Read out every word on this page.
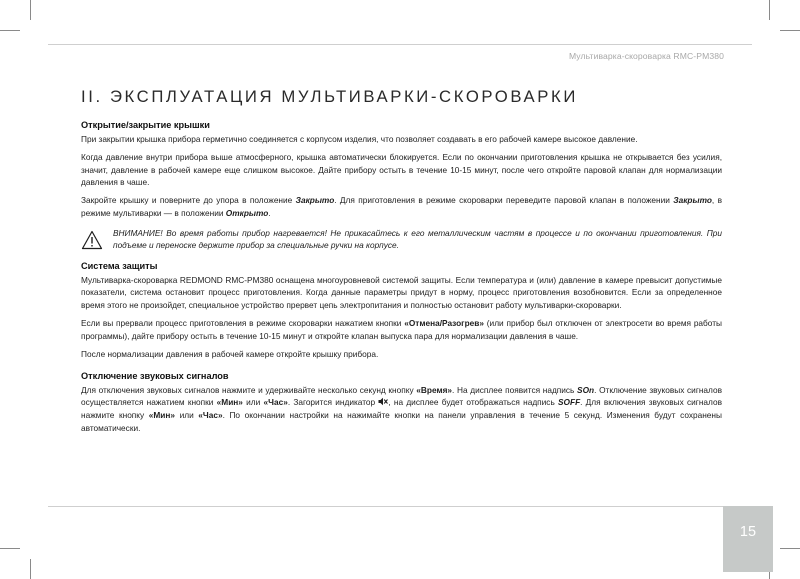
Мультиварка-скороварка RMC-PM380
15
II. ЭКСПЛУАТАЦИЯ МУЛЬТИВАРКИ-СКОРОВАРКИ
Открытие/закрытие крышки

При закрытии крышка прибора герметично соединяется с корпусом изделия, что позволяет создавать в его рабочей камере высокое давление.

Когда давление внутри прибора выше атмосферного, крышка автоматически блокируется. Если по окончании приготовления крышка не открывается без усилия, значит, давление в рабочей камере еще слишком высокое. Дайте прибору остыть в течение 10-15 минут, после чего откройте паровой клапан для нормализации давления в чаше.

Закройте крышку и поверните до упора в положение Закрыто. Для приготовления в режиме скороварки переведите паровой клапан в положении Закрыто, в режиме мультиварки — в положении Открыто.

ВНИМАНИЕ! Во время работы прибор нагревается! Не прикасайтесь к его металлическим частям в процессе и по окончании приготовления. При подъеме и переноске держите прибор за специальные ручки на корпусе.

Система защиты

Мультиварка-скороварка REDMOND RMC-PM380 оснащена многоуровневой системой защиты. Если температура и (или) давление в камере превысит допустимые показатели, система остановит процесс приготовления. Когда данные параметры придут в норму, процесс приготовления возобновится. Если за определенное время этого не произойдет, специальное устройство прервет цепь электропитания и полностью остановит работу мультиварки-скороварки.

Если вы прервали процесс приготовления в режиме скороварки нажатием кнопки «Отмена/Разогрев» (или прибор был отключен от электросети во время работы программы), дайте прибору остыть в течение 10-15 минут и откройте клапан выпуска пара для нормализации давления в чаше.

После нормализации давления в рабочей камере откройте крышку прибора.

Отключение звуковых сигналов

Для отключения звуковых сигналов нажмите и удерживайте несколько секунд кнопку «Время». На дисплее появится надпись SOn. Отключение звуковых сигналов осуществляется нажатием кнопки «Мин» или «Час». Загорится индикатор , на дисплее будет отображаться надпись SOFF. Для включения звуковых сигналов нажмите кнопку «Мин» или «Час». По окончании настройки на нажимайте кнопки на панели управления в течение 5 секунд. Изменения будут сохранены автоматически.
